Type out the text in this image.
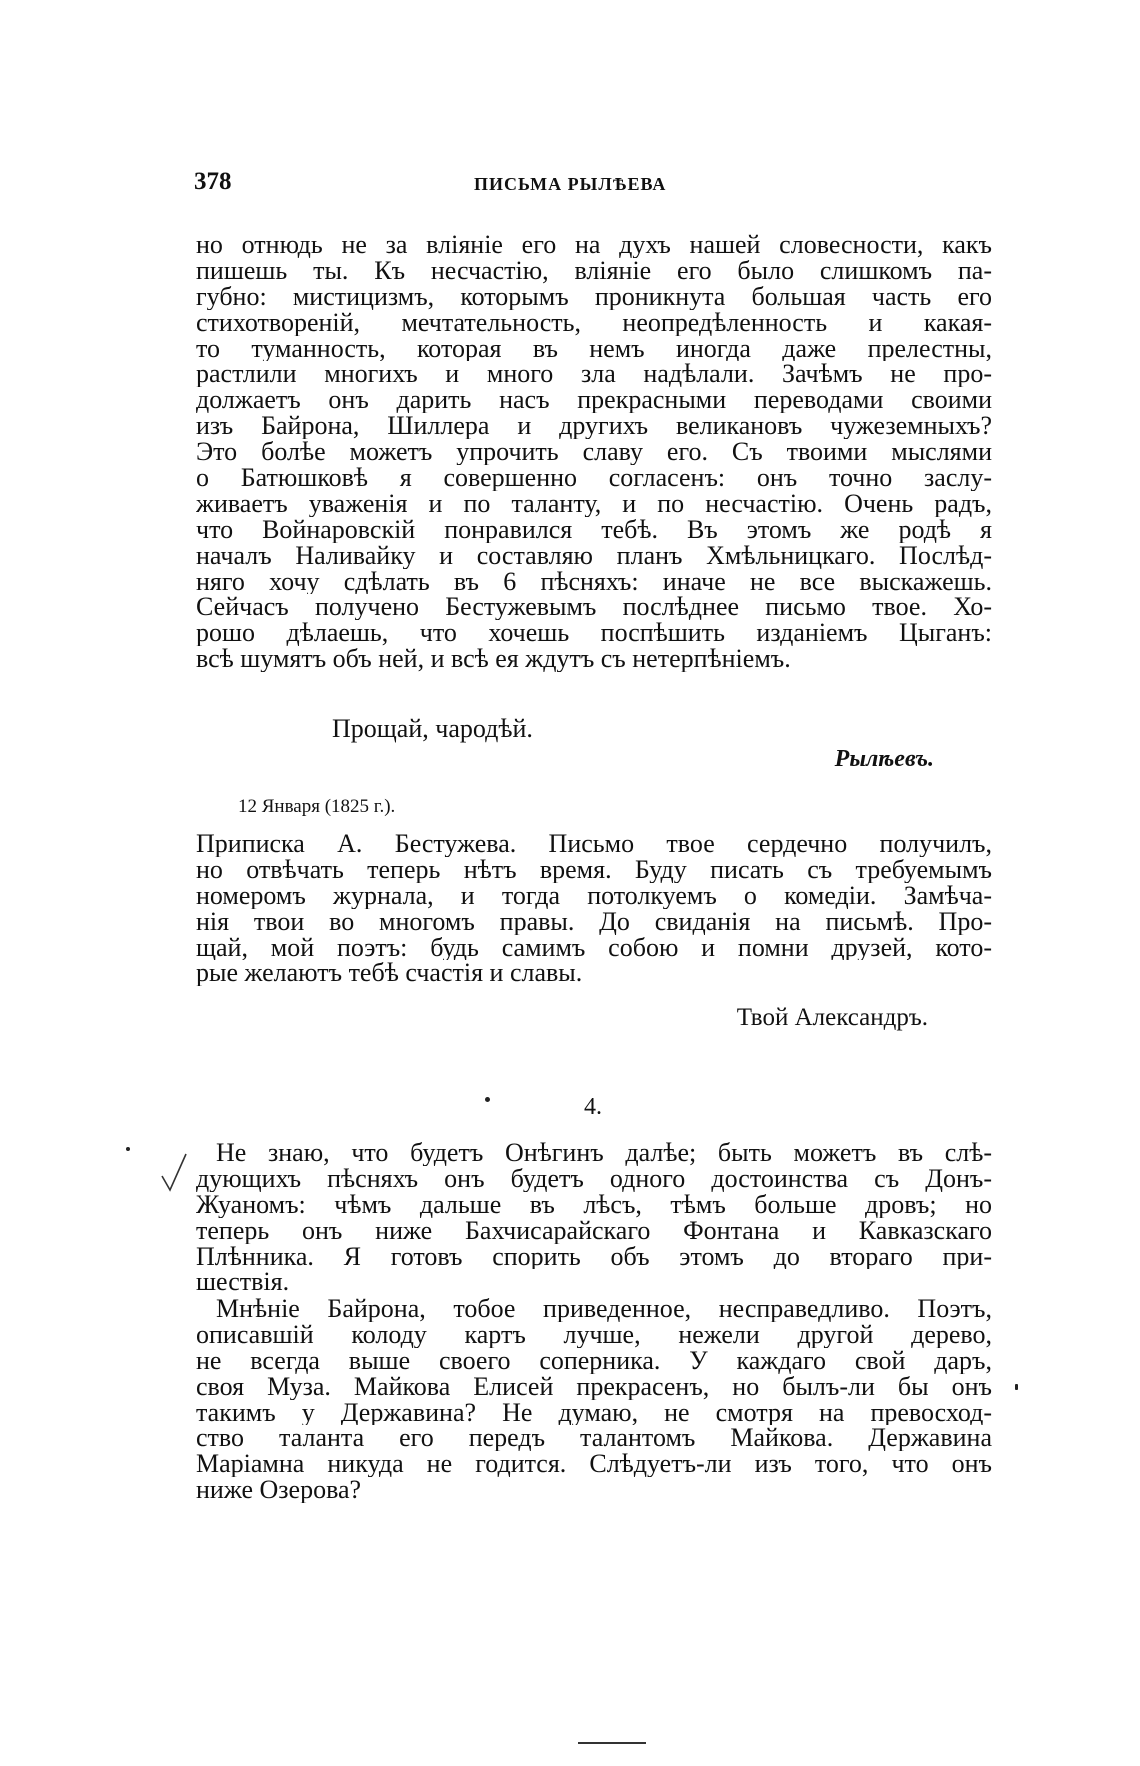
378	ПИСЬМА РЫЛѢЕВА
но отнюдь не за вліяніе его на духъ нашей словесности, какъ
пишешь ты. Къ несчастію, вліяніе его было слишкомъ па-
губно: мистицизмъ, которымъ проникнута большая часть его
стихотвореній, мечтательность, неопредѣленность и какая-
то туманность, которая въ немъ иногда даже прелестны,
растлили многихъ и много зла надѣлали. Зачѣмъ не про-
должаетъ онъ дарить насъ прекрасными переводами своими
изъ Байрона, Шиллера и другихъ великановъ чужеземныхъ?
Это болѣе можетъ упрочить славу его. Съ твоими мыслями
о Батюшковѣ я совершенно согласенъ: онъ точно заслу-
живаетъ уваженія и по таланту, и по несчастію. Очень радъ,
что Войнаровскій понравился тебѣ. Въ этомъ же родѣ я
началъ Наливайку и составляю планъ Хмѣльницкаго. Послѣд-
няго хочу сдѣлать въ 6 пѣсняхъ: иначе не все выскажешь.
Сейчасъ получено Бестужевымъ послѣднее письмо твое. Хо-
рошо дѣлаешь, что хочешь поспѣшить изданіемъ Цыганъ:
всѣ шумятъ объ ней, и всѣ ея ждутъ съ нетерпѣніемъ.
Прощай, чародѣй.
Рылѣевъ.
12 Января (1825 г.).
Приписка А. Бестужева. Письмо твое сердечно получилъ,
но отвѣчать теперь нѣтъ время. Буду писать съ требуемымъ
номеромъ журнала, и тогда потолкуемъ о комедіи. Замѣча-
нія твои во многомъ правы. До свиданія на письмѣ. Про-
щай, мой поэтъ: будь самимъ собою и помни друзей, кото-
рые желаютъ тебѣ счастія и славы.
Твой Александръ.
4.
Не знаю, что будетъ Онѣгинъ далѣе; быть можетъ въ слѣ-
дующихъ пѣсняхъ онъ будетъ одного достоинства съ Донъ-
Жуаномъ: чѣмъ дальше въ лѣсъ, тѣмъ больше дровъ; но
теперь онъ ниже Бахчисарайскаго Фонтана и Кавказскаго
Плѣнника. Я готовъ спорить объ этомъ до втораго при-
шествія.
Мнѣніе Байрона, тобое приведенное, несправедливо. Поэтъ,
описавшій колоду картъ лучше, нежели другой дерево,
не всегда выше своего соперника. У каждаго свой даръ,
своя Муза. Майкова Елисей прекрасенъ, но былъ-ли бы онъ
такимъ у Державина? Не думаю, не смотря на превосход-
ство таланта его передъ талантомъ Майкова. Державина
Маріамна никуда не годится. Слѣдуетъ-ли изъ того, что онъ
ниже Озерова?
